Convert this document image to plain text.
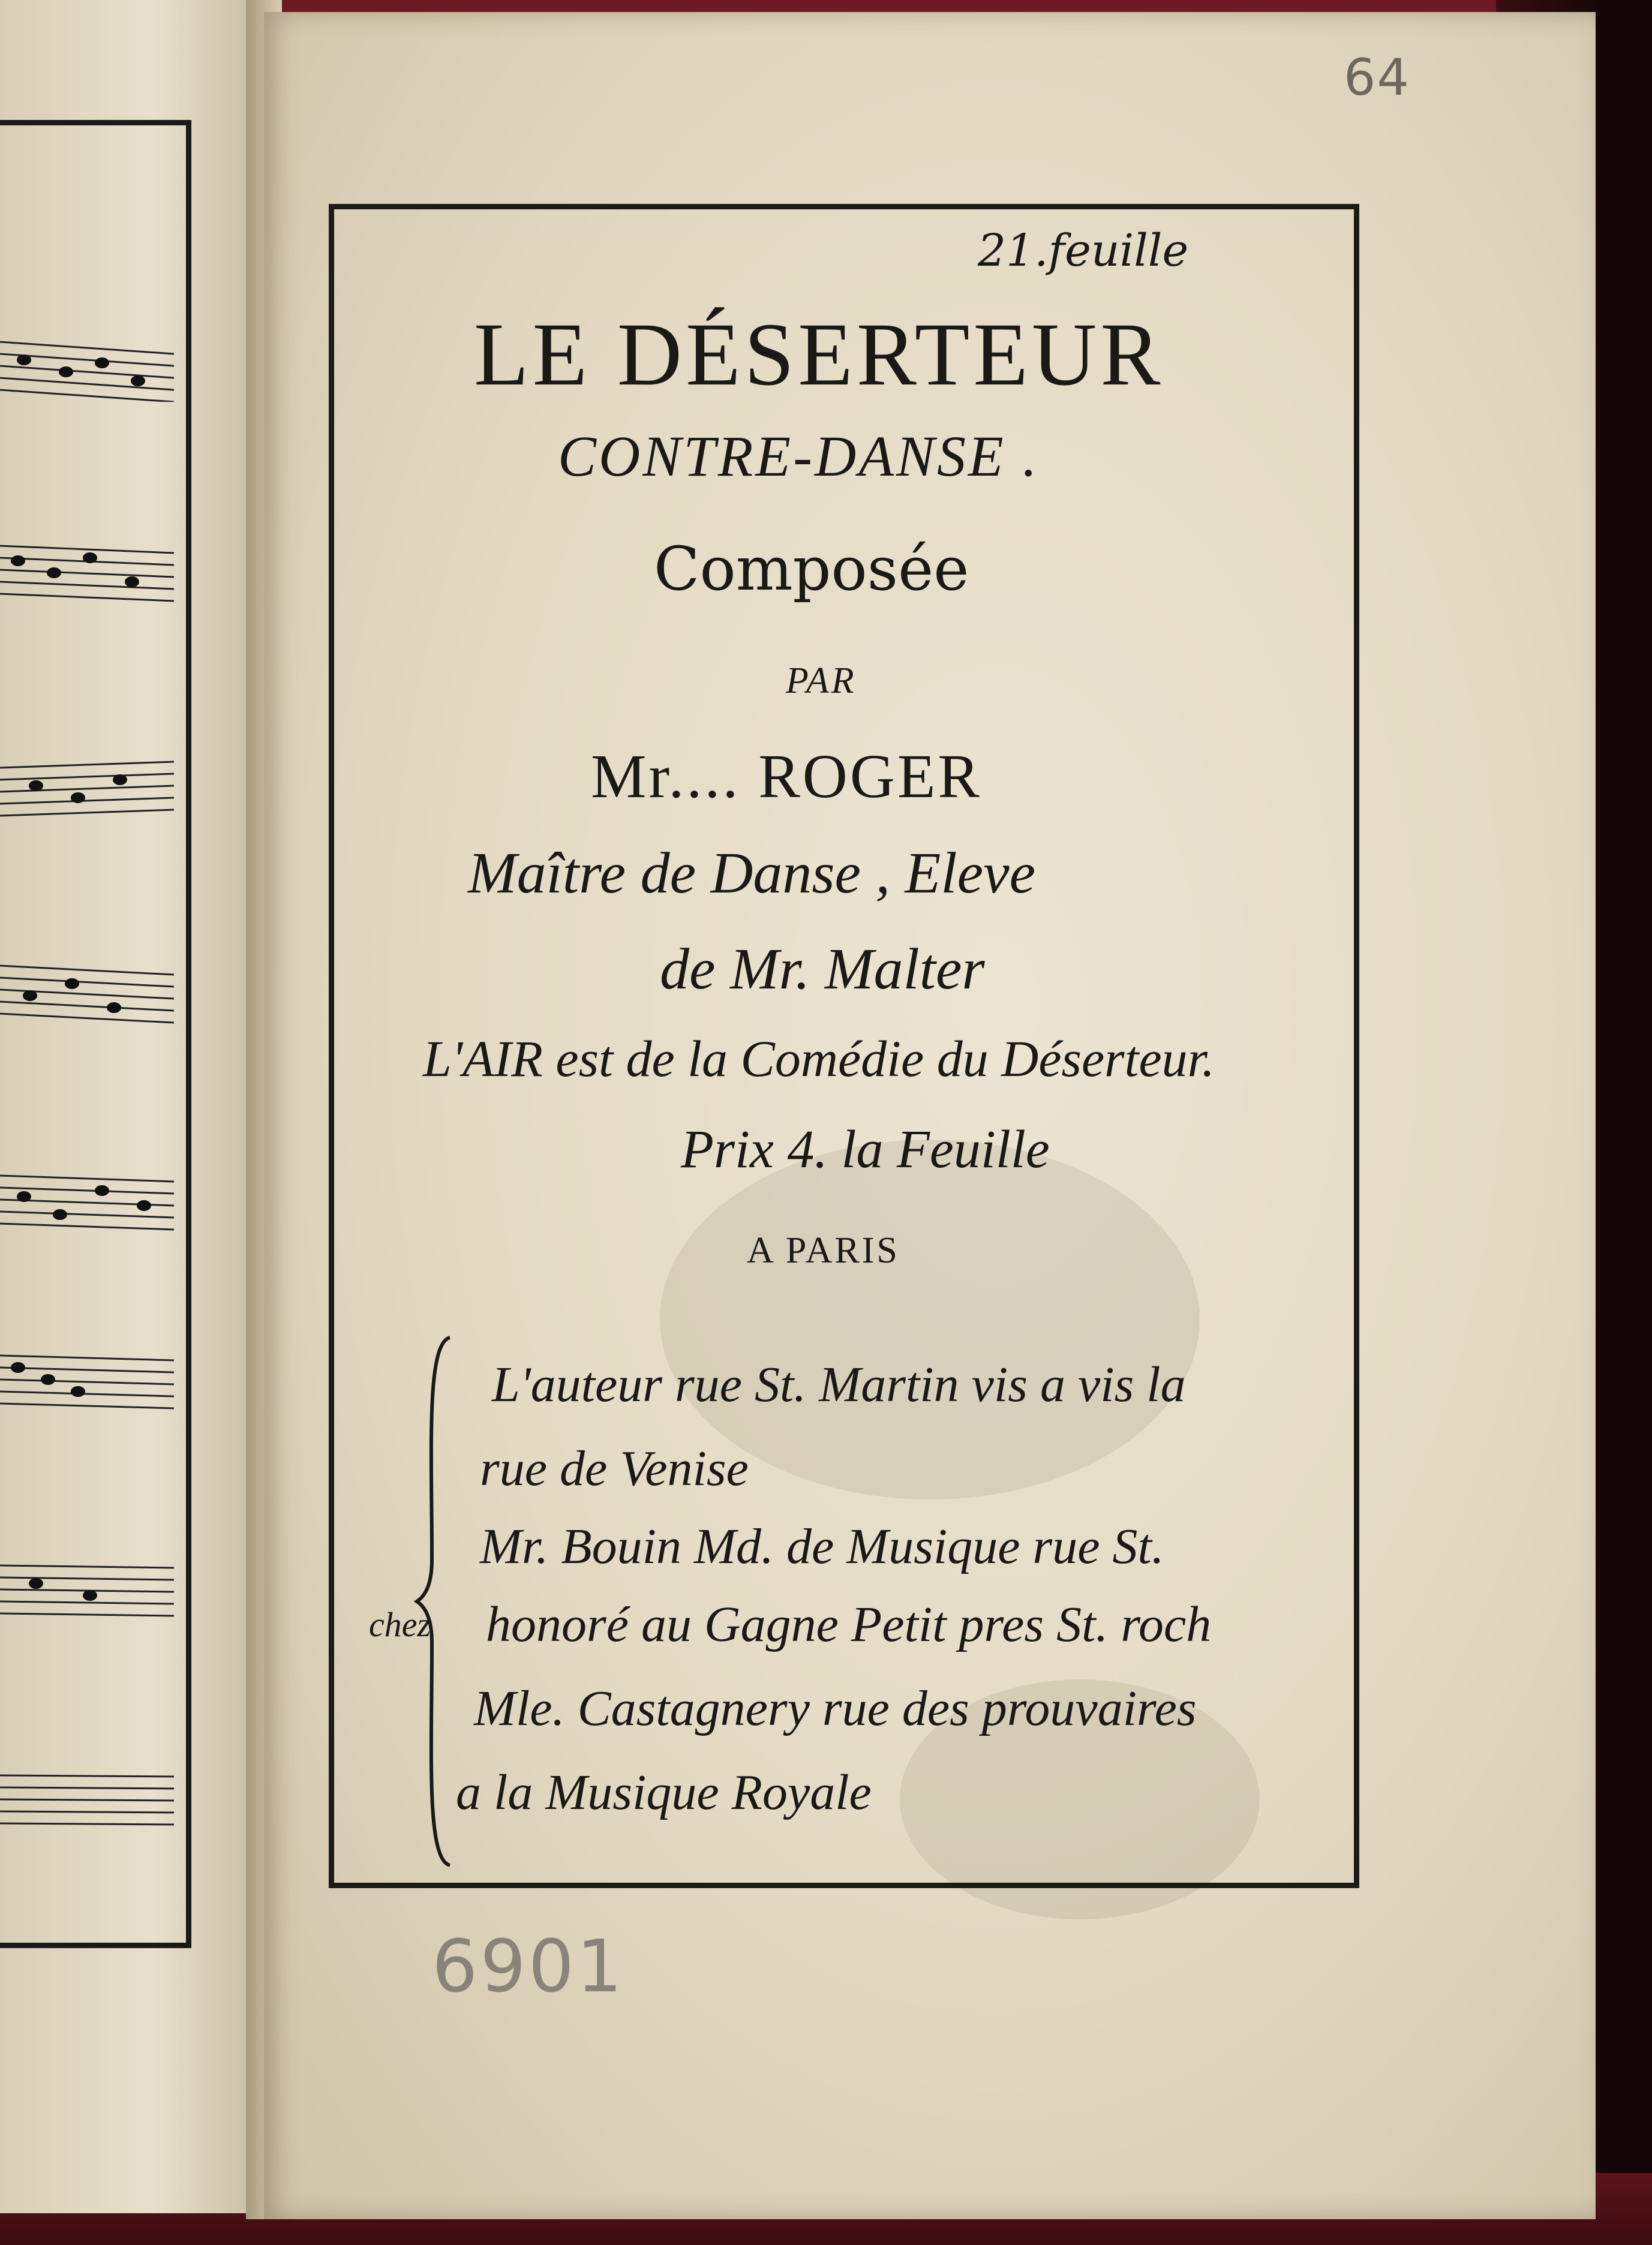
64
21.feuille
LE DÉSERTEUR
CONTRE-DANSE .
Composée
PAR
Mr.... ROGER
Maître de Danse , Eleve
de Mr. Malter
L'AIR est de la Comédie du Déserteur.
Prix 4. la Feuille
A PARIS
chez
L'auteur rue St. Martin vis a vis la
rue de Venise
Mr. Bouin Md. de Musique rue St.
honoré au Gagne Petit pres St. roch
Mle. Castagnery rue des prouvaires
a la Musique Royale
6901
